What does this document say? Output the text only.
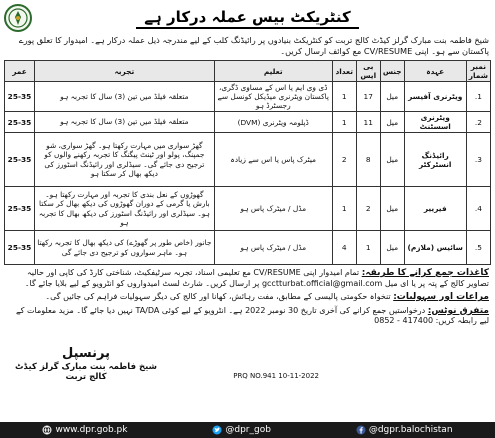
کنٹریکٹ بیس عملہ درکار ہے
شیخ فاطمہ بنت مبارک گرلز کیڈٹ کالج تربت کو کنٹریکٹ بنیادوں پر رائیڈنگ کلب کے لیے مندرجہ ذیل عملہ درکار ہے۔ امیدوار کا تعلق پورے پاکستان سے ہو۔ اپنی CV/RESUME مع کوائف ارسال کریں۔
نمبر شمار	عہدہ	جنس	بی ایس	تعداد	تعلیم	تجربہ	عمر
1.	ویٹرنری آفیسر	میل	17	1	ڈی وی ایم یا اس کے مساوی ڈگری، پاکستان ویٹرنری میڈیکل کونسل سے رجسٹرڈ ہو	متعلقہ فیلڈ میں تین (3) سال کا تجربہ ہو	25-35
2.	ویٹرنری اسسٹنٹ	میل	11	1	ڈپلومہ ویٹرنری (DVM)	متعلقہ فیلڈ میں تین (3) سال کا تجربہ ہو	25-35
3.	رائیڈنگ انسٹرکٹر	میل	8	2	میٹرک پاس یا اس سے زیادہ	گھڑ سواری میں مہارت رکھتا ہو۔ گھڑ سواری، شو جمپنگ، پولو اور ٹینٹ پیگنگ کا تجربہ رکھنے والوں کو ترجیح دی جائے گی۔ سیڈلری اور رائیڈنگ اسٹورز کی دیکھ بھال کر سکتا ہو	25-35
4.	فیرییر	میل	2	1	مڈل / میٹرک پاس ہو	گھوڑوں کے نعل بندی کا تجربہ اور مہارت رکھتا ہو۔ بارش یا گرمی کے دوران گھوڑوں کی دیکھ بھال کر سکتا ہو۔ سیڈلری اور رائیڈنگ اسٹورز کی دیکھ بھال کا تجربہ ہو	25-35
5.	سائیس (ملازم)	میل	1	4	مڈل / میٹرک پاس ہو	جانور (خاص طور پر گھوڑے) کی دیکھ بھال کا تجربہ رکھتا ہو۔ ماہر سواروں کو ترجیح دی جائے گی	25-35
کاغذات جمع کرانے کا طریقہ: تمام امیدوار اپنی CV/RESUME مع تعلیمی اسناد، تجربہ سرٹیفکیٹ، شناختی کارڈ کی کاپی اور حالیہ تصاویر کالج کے پتہ پر یا ای میل gcctturbat.official@gmail.com پر ارسال کریں۔ شارٹ لسٹ امیدواروں کو انٹرویو کے لیے بلایا جائے گا۔
مراعات اور سہولیات: تنخواہ حکومتی پالیسی کے مطابق، مفت رہائش، کھانا اور کالج کی دیگر سہولیات فراہم کی جائیں گی۔
متفرق نوٹس: درخواستیں جمع کرانے کی آخری تاریخ 30 نومبر 2022 ہے۔ انٹرویو کے لیے کوئی TA/DA نہیں دیا جائے گا۔ مزید معلومات کے لیے رابطہ کریں: 0852 - 417400
پرنسپل
شیخ فاطمہ بنت مبارک گرلز کیڈٹ کالج تربت	PRQ NO.941 10-11-2022
www.dpr.gob.pk	@dpr_gob	@dgpr.balochistan
